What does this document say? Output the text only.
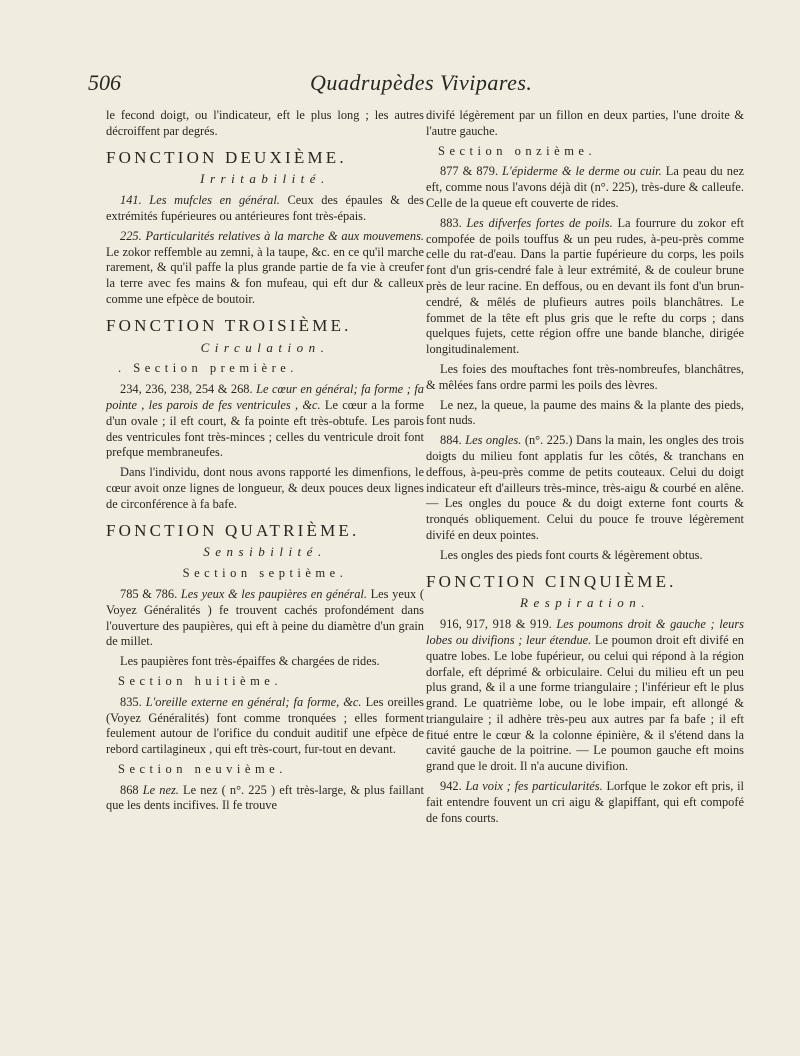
506	Quadrupèdes Vivipares.

le fecond doigt, ou l'indicateur, eft le plus long ; les autres décroiffent par degrés.

FONCTION DEUXIÈME.
Irritabilité.

141. Les mufcles en général. Ceux des épaules & des extrémités fupérieures ou antérieures font très-épais.

225. Particularités relatives à la marche & aux mouvemens. Le zokor reffemble au zemni, à la taupe, &c. en ce qu'il marche rarement, & qu'il paffe la plus grande partie de fa vie à creufer la terre avec fes mains & fon mufeau, qui eft dur & calleux comme une efpèce de boutoir.

FONCTION TROISIÈME.
Circulation.
. Section première.

234, 236, 238, 254 & 268. Le cœur en général; fa forme ; fa pointe , les parois de fes ventricules , &c. Le cœur a la forme d'un ovale ; il eft court, & fa pointe eft très-obtufe. Les parois des ventricules font très-minces ; celles du ventricule droit font prefque membraneufes.

Dans l'individu, dont nous avons rapporté les dimenfions, le cœur avoit onze lignes de longueur, & deux pouces deux lignes de circonférence à fa bafe.

FONCTION QUATRIÈME.
Sensibilité.
Section septième.

785 & 786. Les yeux & les paupières en général. Les yeux ( Voyez Généralités ) fe trouvent cachés profondément dans l'ouverture des paupières, qui eft à peine du diamètre d'un grain de millet.

Les paupières font très-épaiffes & chargées de rides.

Section huitième.

835. L'oreille externe en général; fa forme, &c. Les oreilles (Voyez Généralités) font comme tronquées ; elles forment feulement autour de l'orifice du conduit auditif une efpèce de rebord cartilagineux , qui eft très-court, fur-tout en devant.

Section neuvième.

868 Le nez. Le nez ( n°. 225 ) eft très-large, & plus faillant que les dents incifives. Il fe trouve

divifé légèrement par un fillon en deux parties, l'une droite & l'autre gauche.

Section onzième.

877 & 879. L'épiderme & le derme ou cuir. La peau du nez eft, comme nous l'avons déjà dit (n°. 225), très-dure & calleufe. Celle de la queue eft couverte de rides.

883. Les difverfes fortes de poils. La fourrure du zokor eft compofée de poils touffus & un peu rudes, à-peu-près comme celle du rat-d'eau. Dans la partie fupérieure du corps, les poils font d'un gris-cendré fale à leur extrémité, & de couleur brune près de leur racine. En deffous, ou en devant ils font d'un brun-cendré, & mêlés de plufieurs autres poils blanchâtres. Le fommet de la tête eft plus gris que le refte du corps ; dans quelques fujets, cette région offre une bande blanche, dirigée longitudinalement.

Les foies des mouftaches font très-nombreufes, blanchâtres, & mêlées fans ordre parmi les poils des lèvres.

Le nez, la queue, la paume des mains & la plante des pieds, font nuds.

884. Les ongles. (n°. 225.) Dans la main, les ongles des trois doigts du milieu font applatis fur les côtés, & tranchans en deffous, à-peu-près comme de petits couteaux. Celui du doigt indicateur eft d'ailleurs très-mince, très-aigu & courbé en alêne. — Les ongles du pouce & du doigt externe font courts & tronqués obliquement. Celui du pouce fe trouve légèrement divifé en deux pointes.

Les ongles des pieds font courts & légèrement obtus.

FONCTION CINQUIÈME.
Respiration.

916, 917, 918 & 919. Les poumons droit & gauche ; leurs lobes ou divifions ; leur étendue. Le poumon droit eft divifé en quatre lobes. Le lobe fupérieur, ou celui qui répond à la région dorfale, eft déprimé & orbiculaire. Celui du milieu eft un peu plus grand, & il a une forme triangulaire ; l'inférieur eft le plus grand. Le quatrième lobe, ou le lobe impair, eft allongé & triangulaire ; il adhère très-peu aux autres par fa bafe ; il eft fitué entre le cœur & la colonne épinière, & il s'étend dans la cavité gauche de la poitrine. — Le poumon gauche eft moins grand que le droit. Il n'a aucune divifion.

942. La voix ; fes particularités. Lorfque le zokor eft pris, il fait entendre fouvent un cri aigu & glapiffant, qui eft compofé de fons courts.
